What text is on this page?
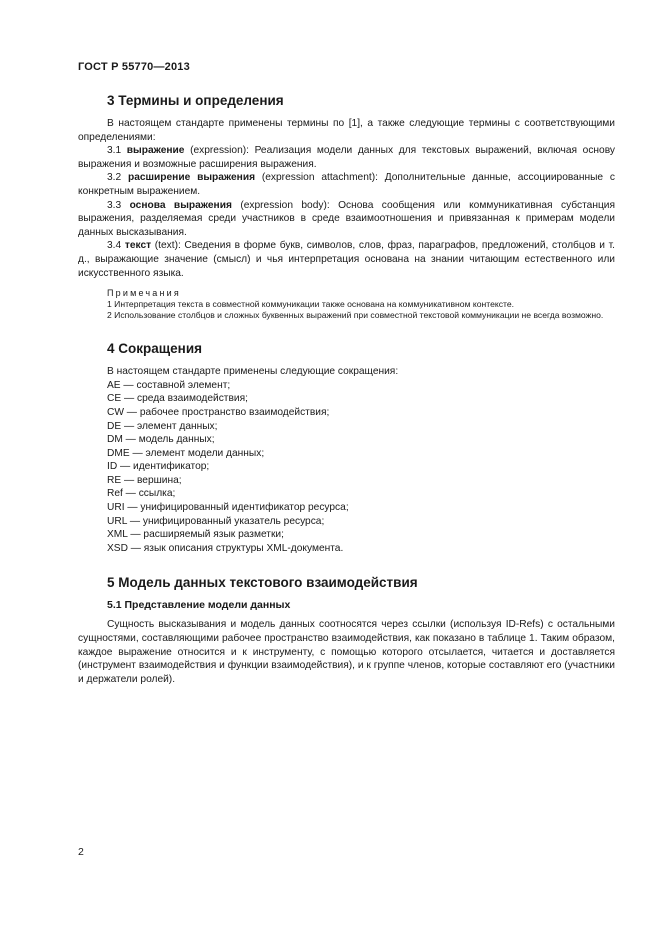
ГОСТ Р 55770—2013
3 Термины и определения

В настоящем стандарте применены термины по [1], а также следующие термины с соответствующими определениями:

3.1 выражение (expression): Реализация модели данных для текстовых выражений, включая основу выражения и возможные расширения выражения.

3.2 расширение выражения (expression attachment): Дополнительные данные, ассоциированные с конкретным выражением.

3.3 основа выражения (expression body): Основа сообщения или коммуникативная субстанция выражения, разделяемая среди участников в среде взаимоотношения и привязанная к примерам модели данных высказывания.

3.4 текст (text): Сведения в форме букв, символов, слов, фраз, параграфов, предложений, столбцов и т. д., выражающие значение (смысл) и чья интерпретация основана на знании читающим естественного или искусственного языка.

Примечания

1 Интерпретация текста в совместной коммуникации также основана на коммуникативном контексте.

2 Использование столбцов и сложных буквенных выражений при совместной текстовой коммуникации не всегда возможно.

4 Сокращения

В настоящем стандарте применены следующие сокращения:

AE — составной элемент;
CE — среда взаимодействия;
CW — рабочее пространство взаимодействия;
DE — элемент данных;
DM — модель данных;
DME — элемент модели данных;
ID — идентификатор;
RE — вершина;
Ref — ссылка;
URI — унифицированный идентификатор ресурса;
URL — унифицированный указатель ресурса;
XML — расширяемый язык разметки;
XSD — язык описания структуры XML-документа.
5 Модель данных текстового взаимодействия
5.1 Представление модели данных

Сущность высказывания и модель данных соотносятся через ссылки (используя ID-Refs) с остальными сущностями, составляющими рабочее пространство взаимодействия, как показано в таблице 1. Таким образом, каждое выражение относится и к инструменту, с помощью которого отсылается, читается и доставляется (инструмент взаимодействия и функции взаимодействия), и к группе членов, которые составляют его (участники и держатели ролей).

2
